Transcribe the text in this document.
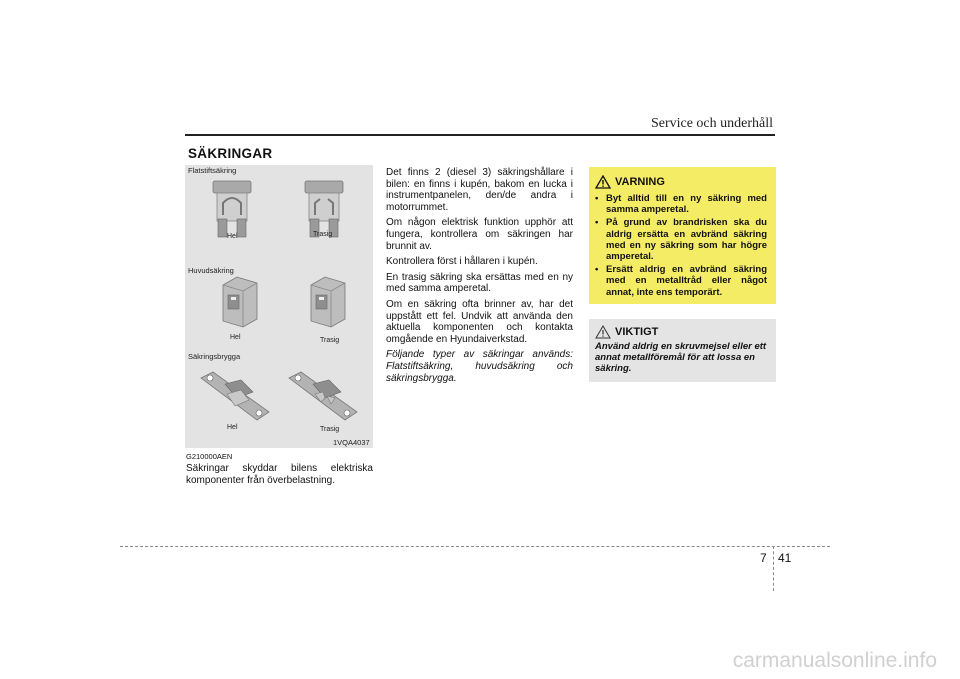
Service och underhåll
SÄKRINGAR
Flatstiftsäkring
Huvudsäkring
Säkringsbrygga
Hel	Trasig
Hel	Trasig
Hel	Trasig
1VQA4037
G210000AEN

Säkringar skyddar bilens elektriska komponenter från överbelastning.

Det finns 2 (diesel 3) säkringshållare i bilen: en finns i kupén, bakom en lucka i instrumentpanelen, den/de andra i motorrummet.

Om någon elektrisk funktion upphör att fungera, kontrollera om säkringen har brunnit av.

Kontrollera först i hållaren i kupén.

En trasig säkring ska ersättas med en ny med samma amperetal.

Om en säkring ofta brinner av, har det uppstått ett fel. Undvik att använda den aktuella komponenten och kontakta omgående en Hyundaiverkstad.

Följande typer av säkringar används: Flatstiftsäkring, huvudsäkring och säkringsbrygga.

VARNING
• Byt alltid till en ny säkring med samma amperetal.
• På grund av brandrisken ska du aldrig ersätta en avbränd säkring med en ny säkring som har högre amperetal.
• Ersätt aldrig en avbränd säkring med en metalltråd eller något annat, inte ens temporärt.
VIKTIGT
Använd aldrig en skruvmejsel eller ett annat metallföremål för att lossa en säkring.
7 41
carmanualsonline.info
